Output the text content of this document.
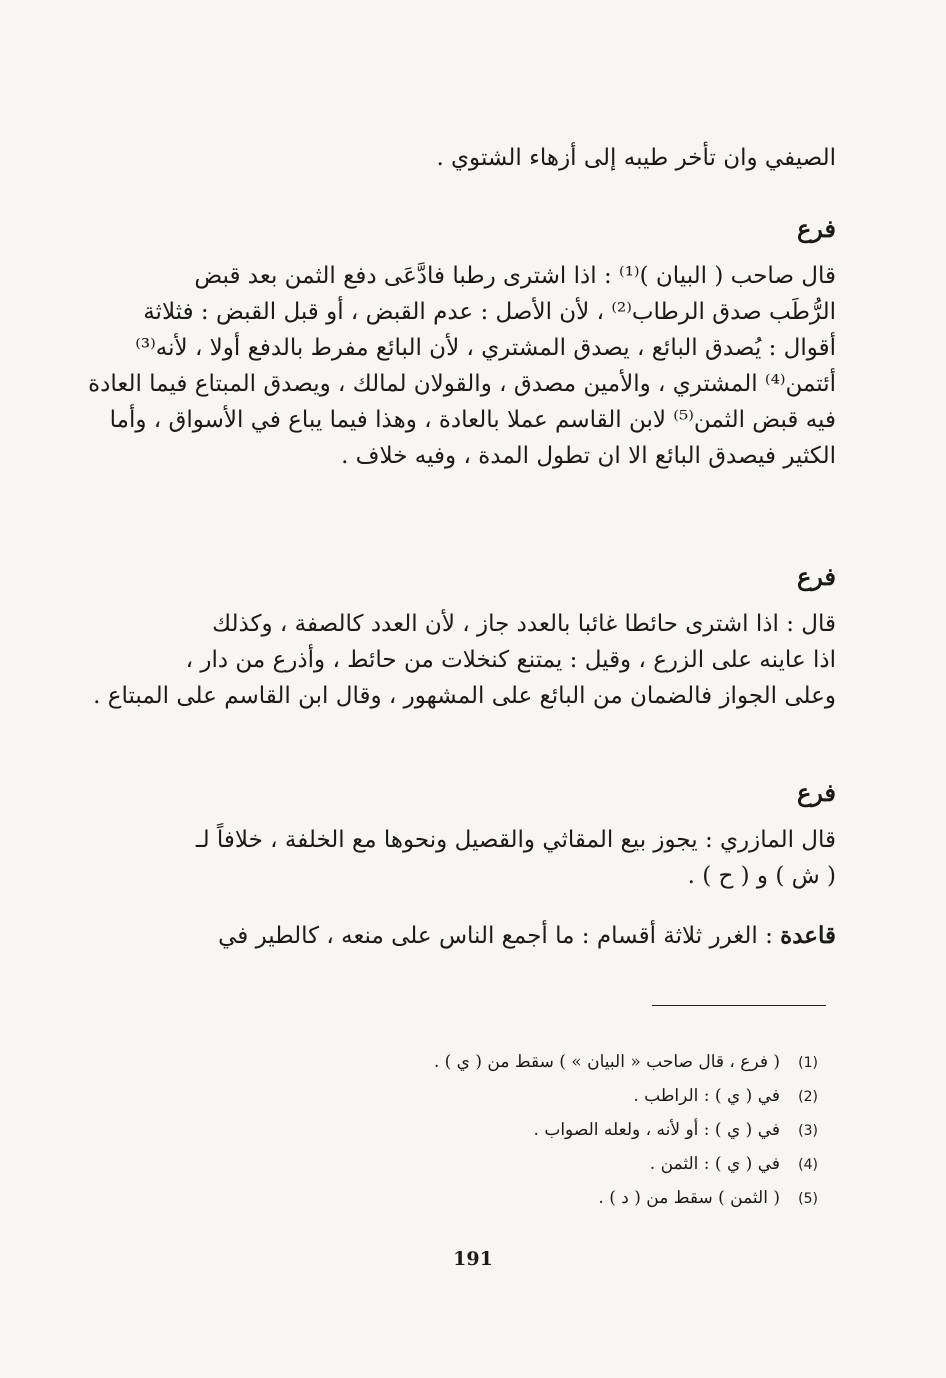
الصيفي وان تأخر طيبه إلى أزهاء الشتوي .
فرع
قال صاحب ( البيان )⁽¹⁾ : اذا اشترى رطبا فادَّعَى دفع الثمن بعد قبض
الرُّطَب صدق الرطاب⁽²⁾ ، لأن الأصل : عدم القبض ، أو قبل القبض : فثلاثة
أقوال : يُصدق البائع ، يصدق المشتري ، لأن البائع مفرط بالدفع أولا ، لأنه⁽³⁾
أئتمن⁽⁴⁾ المشتري ، والأمين مصدق ، والقولان لمالك ، ويصدق المبتاع فيما العادة
فيه قبض الثمن⁽⁵⁾ لابن القاسم عملا بالعادة ، وهذا فيما يباع في الأسواق ، وأما
الكثير فيصدق البائع الا ان تطول المدة ، وفيه خلاف .
فرع
قال : اذا اشترى حائطا غائبا بالعدد جاز ، لأن العدد كالصفة ، وكذلك
اذا عاينه على الزرع ، وقيل : يمتنع كنخلات من حائط ، وأذرع من دار ،
وعلى الجواز فالضمان من البائع على المشهور ، وقال ابن القاسم على المبتاع .
فرع
قال المازري : يجوز بيع المقاثي والقصيل ونحوها مع الخلفة ، خلافاً لـ
( ش ) و ( ح ) .
قاعدة : الغرر ثلاثة أقسام : ما أجمع الناس على منعه ، كالطير في
(1)( فرع ، قال صاحب « البيان » ) سقط من ( ي ) .
(2)في ( ي ) : الراطب .
(3)في ( ي ) : أو لأنه ، ولعله الصواب .
(4)في ( ي ) : الثمن .
(5)( الثمن ) سقط من ( د ) .
191
